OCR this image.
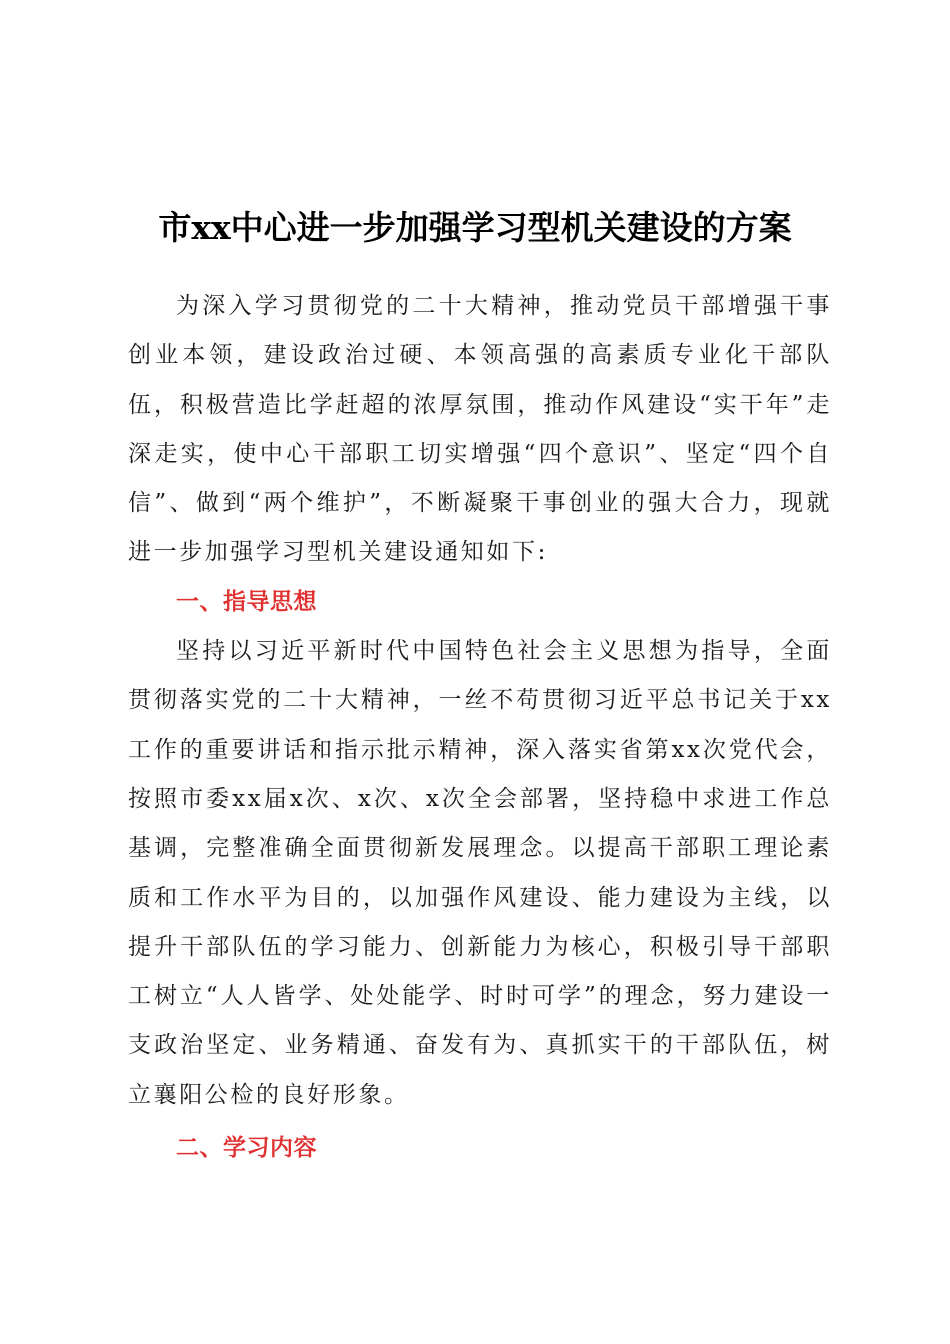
市xx中心进一步加强学习型机关建设的方案

为深入学习贯彻党的二十大精神，推动党员干部增强干事创业本领，建设政治过硬、本领高强的高素质专业化干部队伍，积极营造比学赶超的浓厚氛围，推动作风建设“实干年”走深走实，使中心干部职工切实增强“四个意识”、坚定“四个自信”、做到“两个维护”，不断凝聚干事创业的强大合力，现就进一步加强学习型机关建设通知如下:

一、指导思想

坚持以习近平新时代中国特色社会主义思想为指导，全面贯彻落实党的二十大精神，一丝不苟贯彻习近平总书记关于xx工作的重要讲话和指示批示精神，深入落实省第xx次党代会，按照市委xx届x次、x次、x次全会部署，坚持稳中求进工作总基调，完整准确全面贯彻新发展理念。以提高干部职工理论素质和工作水平为目的，以加强作风建设、能力建设为主线，以提升干部队伍的学习能力、创新能力为核心，积极引导干部职工树立“人人皆学、处处能学、时时可学”的理念，努力建设一支政治坚定、业务精通、奋发有为、真抓实干的干部队伍，树立襄阳公检的良好形象。

二、学习内容
